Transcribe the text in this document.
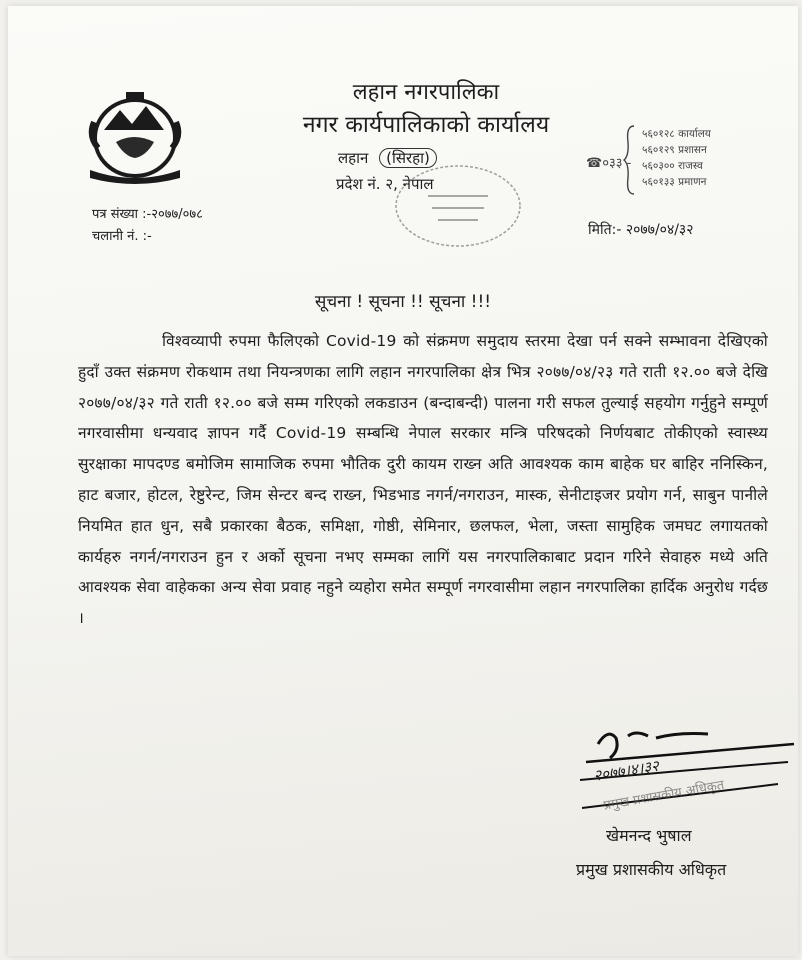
लहान नगरपालिका
नगर कार्यपालिकाको कार्यालय
लहान (सिरहा)
प्रदेश नं. २, नेपाल
☎०३३ -
५६०१२८ कार्यालय
५६०१२९ प्रशासन
५६०३०० राजस्व
५६०१३३ प्रमाणन
पत्र संख्या :-२०७७/०७८
चलानी नं. :-	मिति:- २०७७/०४/३२
सूचना ! सूचना !! सूचना !!!
विश्वव्यापी रुपमा फैलिएको Covid-19 को संक्रमण समुदाय स्तरमा देखा पर्न सक्ने सम्भावना देखिएको हुदाँ उक्त संक्रमण रोकथाम तथा नियन्त्रणका लागि लहान नगरपालिका क्षेत्र भित्र २०७७/०४/२३ गते राती १२.०० बजे देखि २०७७/०४/३२ गते राती १२.०० बजे सम्म गरिएको लकडाउन (बन्दाबन्दी) पालना गरी सफल तुल्याई सहयोग गर्नुहुने सम्पूर्ण नगरवासीमा धन्यवाद ज्ञापन गर्दै Covid-19 सम्बन्धि नेपाल सरकार मन्त्रि परिषदको निर्णयबाट तोकीएको स्वास्थ्य सुरक्षाका मापदण्ड बमोजिम सामाजिक रुपमा भौतिक दुरी कायम राख्न अति आवश्यक काम बाहेक घर बाहिर ननिस्किन, हाट बजार, होटल, रेष्टुरेन्ट, जिम सेन्टर बन्द राख्न, भिडभाड नगर्न/नगराउन, मास्क, सेनीटाइजर प्रयोग गर्न, साबुन पानीले नियमित हात धुन, सबै प्रकारका बैठक, समिक्षा, गोष्ठी, सेमिनार, छलफल, भेला, जस्ता सामुहिक जमघट लगायतको कार्यहरु नगर्न/नगराउन हुन र अर्को सूचना नभए सम्मका लागिं यस नगरपालिकाबाट प्रदान गरिने सेवाहरु मध्ये अति आवश्यक सेवा वाहेकका अन्य सेवा प्रवाह नहुने व्यहोरा समेत सम्पूर्ण नगरवासीमा लहान नगरपालिका हार्दिक अनुरोध गर्दछ ।
२०७७।४।३२
प्रमुख प्रशासकीय अधिकृत
खेमनन्द भुषाल
प्रमुख प्रशासकीय अधिकृत
